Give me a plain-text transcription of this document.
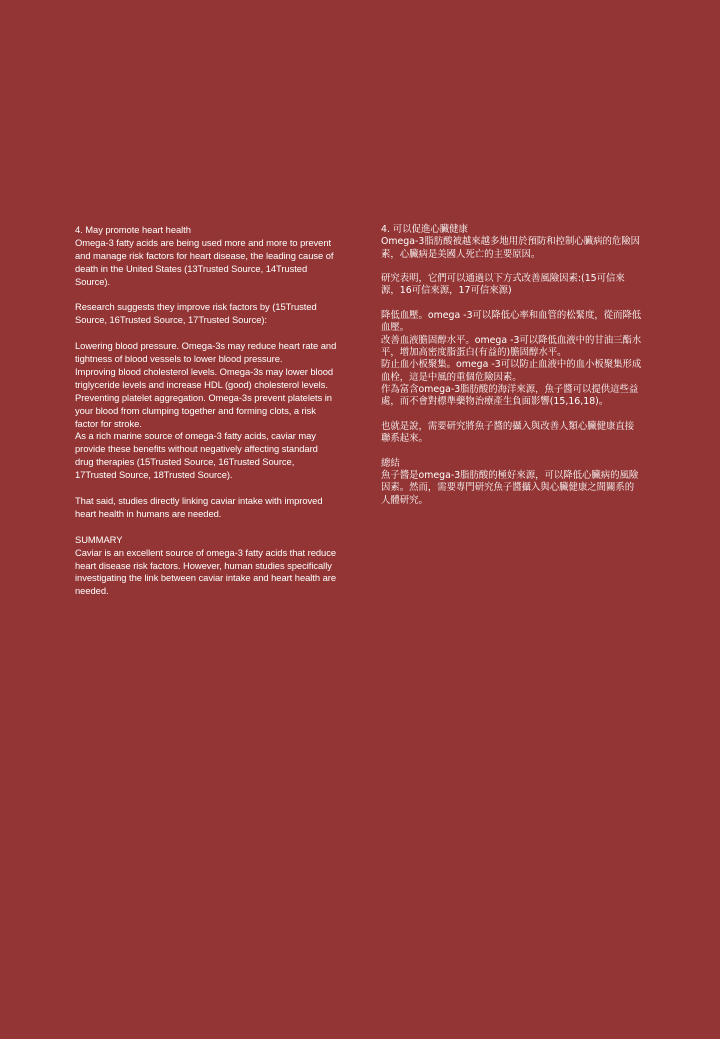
4. May promote heart health

Omega-3 fatty acids are being used more and more to prevent and manage risk factors for heart disease, the leading cause of death in the United States (13Trusted Source, 14Trusted Source).

Research suggests they improve risk factors by (15Trusted Source, 16Trusted Source, 17Trusted Source):

Lowering blood pressure. Omega-3s may reduce heart rate and tightness of blood vessels to lower blood pressure.

Improving blood cholesterol levels. Omega-3s may lower blood triglyceride levels and increase HDL (good) cholesterol levels.

Preventing platelet aggregation. Omega-3s prevent platelets in your blood from clumping together and forming clots, a risk factor for stroke.

As a rich marine source of omega-3 fatty acids, caviar may provide these benefits without negatively affecting standard drug therapies (15Trusted Source, 16Trusted Source, 17Trusted Source, 18Trusted Source).

That said, studies directly linking caviar intake with improved heart health in humans are needed.

SUMMARY

Caviar is an excellent source of omega-3 fatty acids that reduce heart disease risk factors. However, human studies specifically investigating the link between caviar intake and heart health are needed.

4. 可以促進心臟健康

Omega-3脂肪酸被越來越多地用於預防和控制心臟病的危險因素，心臟病是美國人死亡的主要原因。

研究表明，它們可以通過以下方式改善風險因素:(15可信來源，16可信來源，17可信來源)

降低血壓。omega -3可以降低心率和血管的松緊度，從而降低血壓。

改善血液膽固醇水平。omega -3可以降低血液中的甘油三酯水平，增加高密度脂蛋白(有益的)膽固醇水平。

防止血小板聚集。omega -3可以防止血液中的血小板聚集形成血栓，這是中風的重個危險因素。

作為富含omega-3脂肪酸的海洋來源，魚子醬可以提供這些益處，而不會對標準藥物治療產生負面影響(15,16,18)。

也就是說，需要研究將魚子醬的攝入與改善人類心臟健康直接聯系起來。

總結

魚子醬是omega-3脂肪酸的極好來源，可以降低心臟病的風險因素。然而，需要專門研究魚子醬攝入與心臟健康之間關系的人體研究。
